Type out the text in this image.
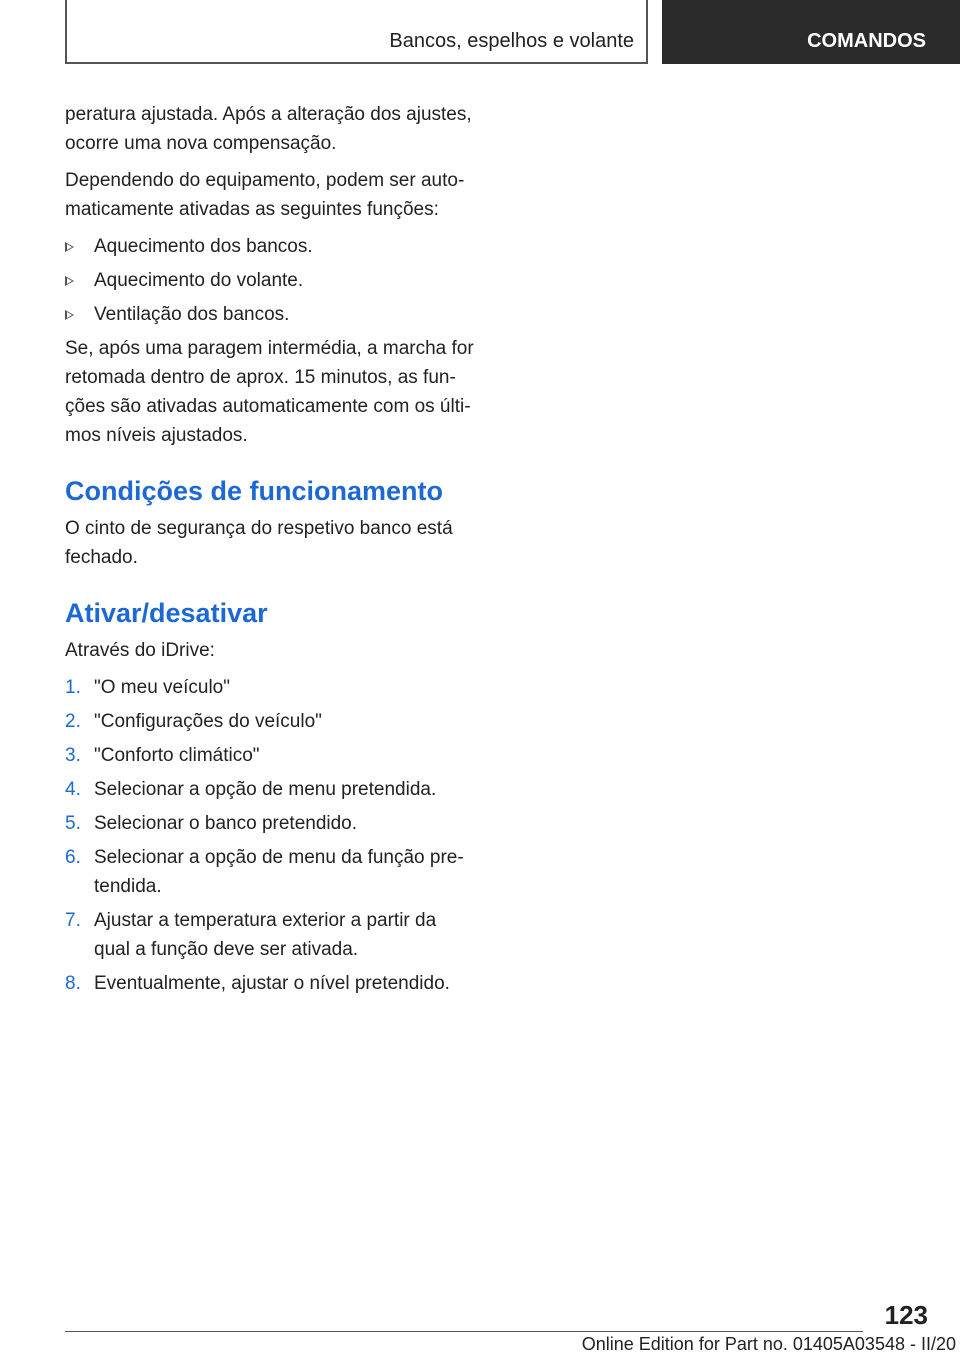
Bancos, espelhos e volante	COMANDOS

peratura ajustada. Após a alteração dos ajustes, ocorre uma nova compensação.

Dependendo do equipamento, podem ser automaticamente ativadas as seguintes funções:

Aquecimento dos bancos.
Aquecimento do volante.
Ventilação dos bancos.

Se, após uma paragem intermédia, a marcha for retomada dentro de aprox. 15 minutos, as funções são ativadas automaticamente com os últimos níveis ajustados.

Condições de funcionamento

O cinto de segurança do respetivo banco está fechado.

Ativar/desativar

Através do iDrive:

1. "O meu veículo"
2. "Configurações do veículo"
3. "Conforto climático"
4. Selecionar a opção de menu pretendida.
5. Selecionar o banco pretendido.
6. Selecionar a opção de menu da função pretendida.
7. Ajustar a temperatura exterior a partir da qual a função deve ser ativada.
8. Eventualmente, ajustar o nível pretendido.
123
Online Edition for Part no. 01405A03548 - II/20
